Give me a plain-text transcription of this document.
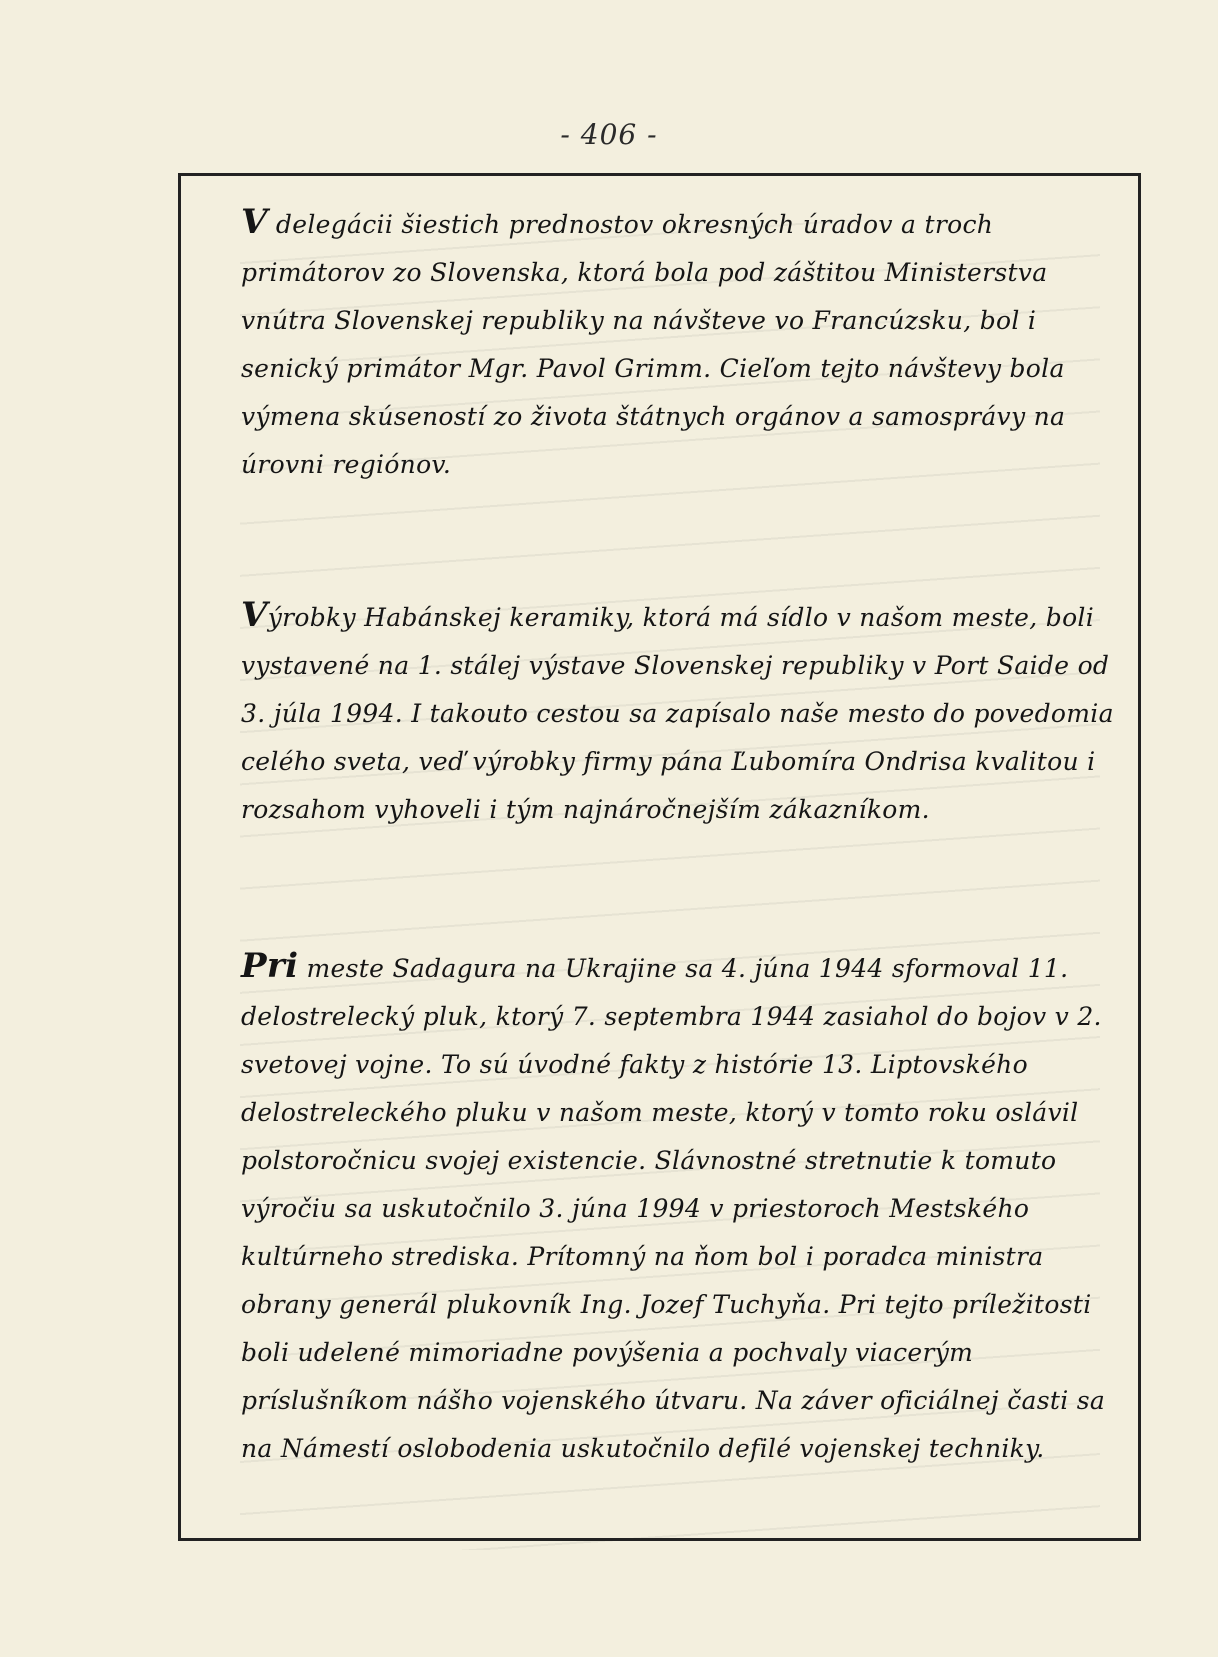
- 406 -

V delegácii šiestich prednostov okresných úradov a troch primátorov zo Slovenska, ktorá bola pod záštitou Ministerstva vnútra Slovenskej republiky na návšteve vo Francúzsku, bol i senický primátor Mgr. Pavol Grimm. Cieľom tejto návštevy bola výmena skúseností zo života štátnych orgánov a samosprávy na úrovni regiónov.

Výrobky Habánskej keramiky, ktorá má sídlo v našom meste, boli vystavené na 1. stálej výstave Slovenskej republiky v Port Saide od 3. júla 1994. I takouto cestou sa zapísalo naše mesto do povedomia celého sveta, veď výrobky firmy pána Ľubomíra Ondrisa kvalitou i rozsahom vyhoveli i tým najnáročnejším zákazníkom.

Pri meste Sadagura na Ukrajine sa 4. júna 1944 sformoval 11. delostrelecký pluk, ktorý 7. septembra 1944 zasiahol do bojov v 2. svetovej vojne. To sú úvodné fakty z histórie 13. Liptovského delostreleckého pluku v našom meste, ktorý v tomto roku oslávil polstoročnicu svojej existencie. Slávnostné stretnutie k tomuto výročiu sa uskutočnilo 3. júna 1994 v priestoroch Mestského kultúrneho strediska. Prítomný na ňom bol i poradca ministra obrany generál plukovník Ing. Jozef Tuchyňa. Pri tejto príležitosti boli udelené mimoriadne povýšenia a pochvaly viacerým príslušníkom nášho vojenského útvaru. Na záver oficiálnej časti sa na Námestí oslobodenia uskutočnilo defilé vojenskej techniky.
